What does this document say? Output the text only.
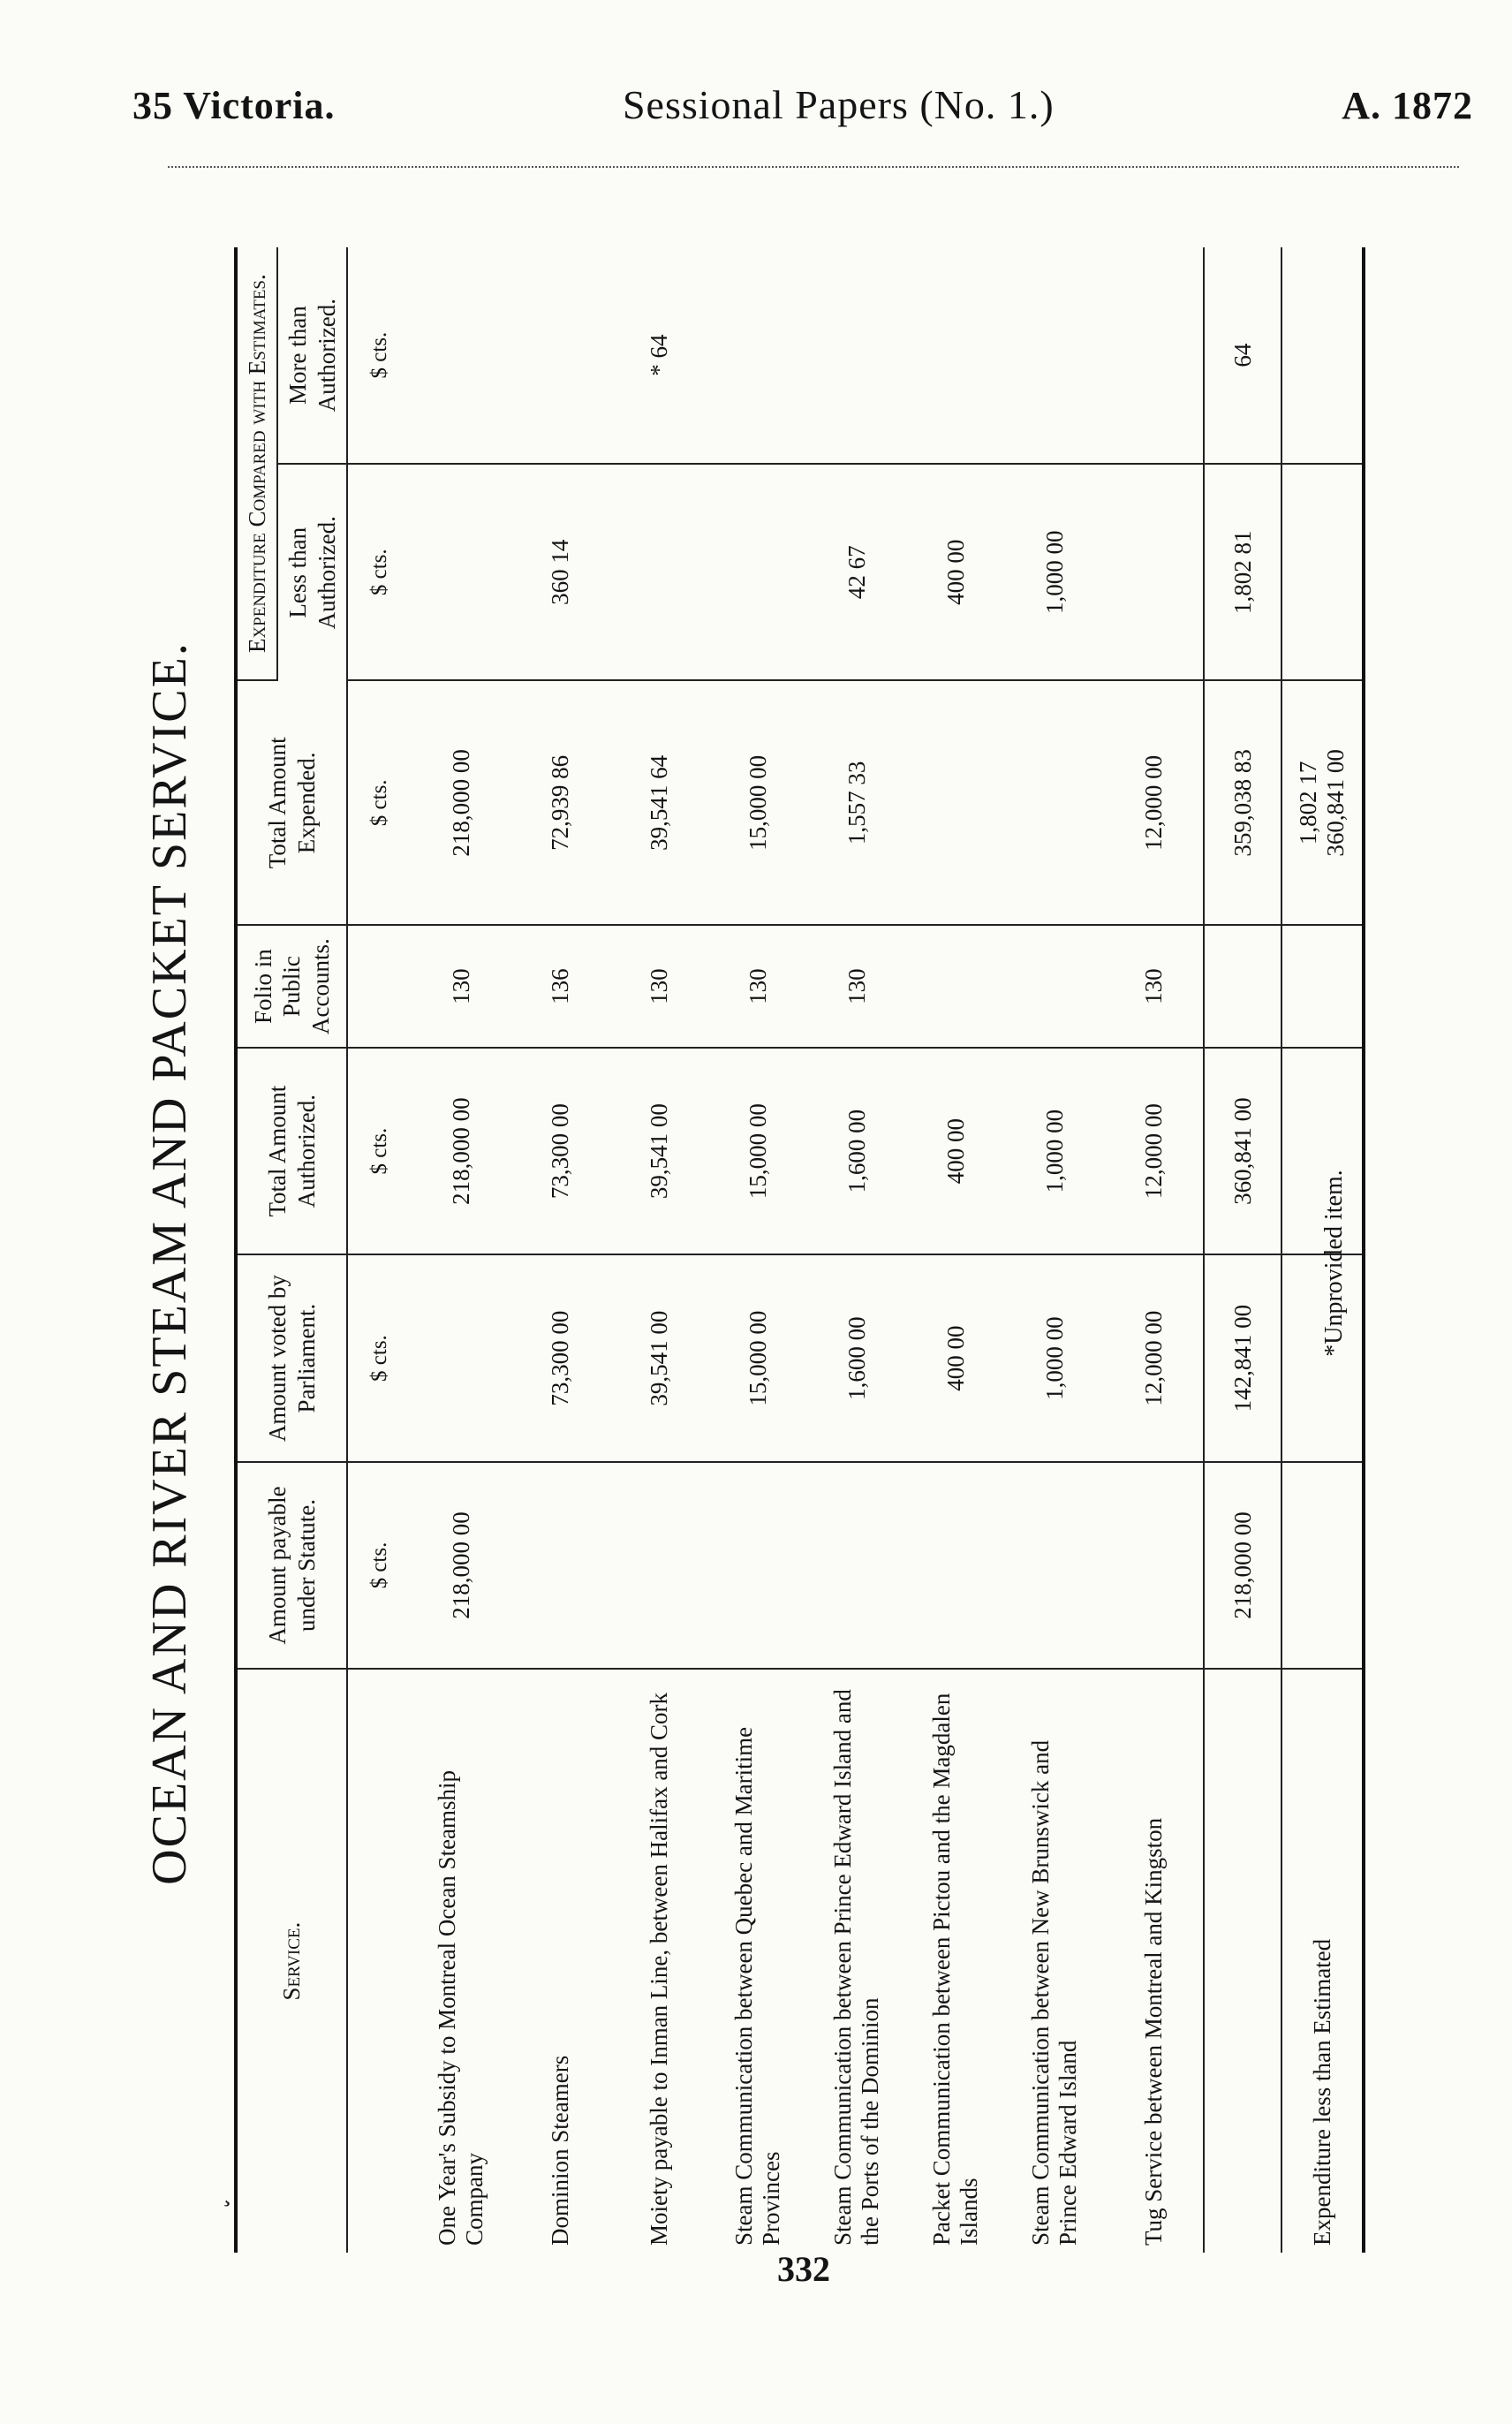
35 Victoria.	Sessional Papers (No. 1.)	A. 1872
OCEAN AND RIVER STEAM AND PACKET SERVICE.
Service.	Amount payable under Statute.	Amount voted by Parliament.	Total Amount Authorized.	Folio in Public Accounts.	Total Amount Expended.	Expenditure Compared with Estimates.	
						Less than Authorized.	More than Authorized.
	$ cts.	$ cts.	$ cts.		$ cts.	$ cts.	$ cts.
One Year's Subsidy to Montreal Ocean Steamship Company	218,000 00		218,000 00	130	218,000 00		
Dominion Steamers		73,300 00	73,300 00	136	72,939 86	360 14	
Moiety payable to Inman Line, between Halifax and Cork		39,541 00	39,541 00	130	39,541 64		* 64
Steam Communication between Quebec and Maritime Provinces		15,000 00	15,000 00	130	15,000 00		
Steam Communication between Prince Edward Island and the Ports of the Dominion		1,600 00	1,600 00	130	1,557 33	42 67	
Packet Communication between Pictou and the Magdalen Islands		400 00	400 00			400 00	
Steam Communication between New Brunswick and Prince Edward Island		1,000 00	1,000 00			1,000 00	
Tug Service between Montreal and Kingston		12,000 00	12,000 00	130	12,000 00		
	218,000 00	142,841 00	360,841 00		359,038 83	1,802 81	64
Expenditure less than Estimated					1,802 17 360,841 00		

*Unprovided item.
332
¸
